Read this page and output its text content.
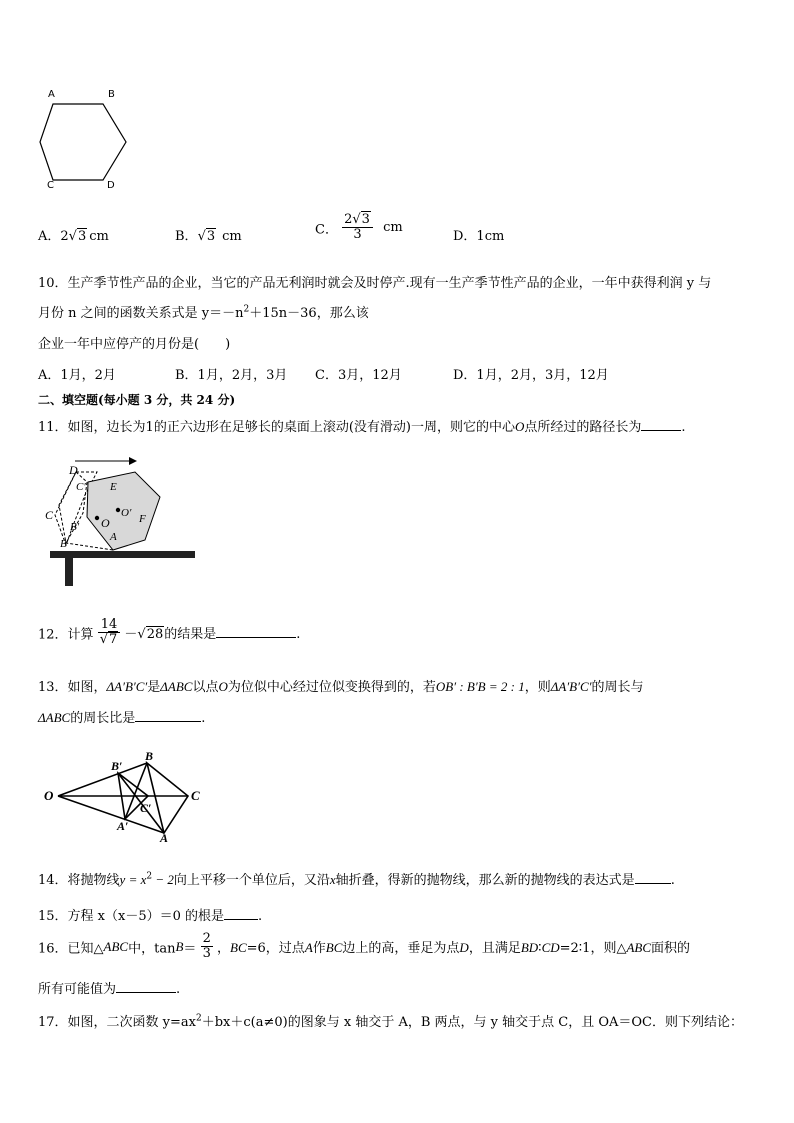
A	B
C	D
A．2√3 cm	B．√3 cm	C． $\frac{2√3}{3}$ cm
D．1cm
10．生产季节性产品的企业，当它的产品无利润时就会及时停产.现有一生产季节性产品的企业，一年中获得利润 y 与
月份 n 之间的函数关系式是 $y=-n^2+15n-36$，那么该
企业一年中应停产的月份是(　　)
A．1月，2月	B．1月，2月，3月 C．3月，12月	D．1月，2月，3月，12月
二、填空题(每小题 3 分，共 24 分)
11．如图，边长为1的正六边形在足够长的桌面上滚动(没有滑动)一周，则它的中心O点所经过的路径长为	.
D
C′ E
C
B′ O
O′ F
B
A
12．计算 $\frac{14}{√7} -√28$的结果是	.
13．如图，ΔA′B′C′是ΔABC以点O为位似中心经过位似变换得到的，若OB′ : B′B = 2 : 1，则ΔA′B′C′的周长与
ΔABC的周长比是	.
O
B′
B
C′
C
A′
A
14．将抛物线$y = x^2 - 2$向上平移一个单位后，又沿x轴折叠，得新的抛物线，那么新的抛物线的表达式是	.
15．方程 x（x－5）＝0 的根是	.
16．已知△ABC中，$\tan B= \frac{2}{3}$ ，BC=6，过点A作BC边上的高，垂足为点D，且满足BD∶CD=2∶1，则△ABC面积的
所有可能值为	.
17．如图，二次函数 $y=ax^2+bx+c(a\ne 0)$的图象与 x 轴交于 A，B 两点，与 y 轴交于点 C，且 OA＝OC．则下列结论：
